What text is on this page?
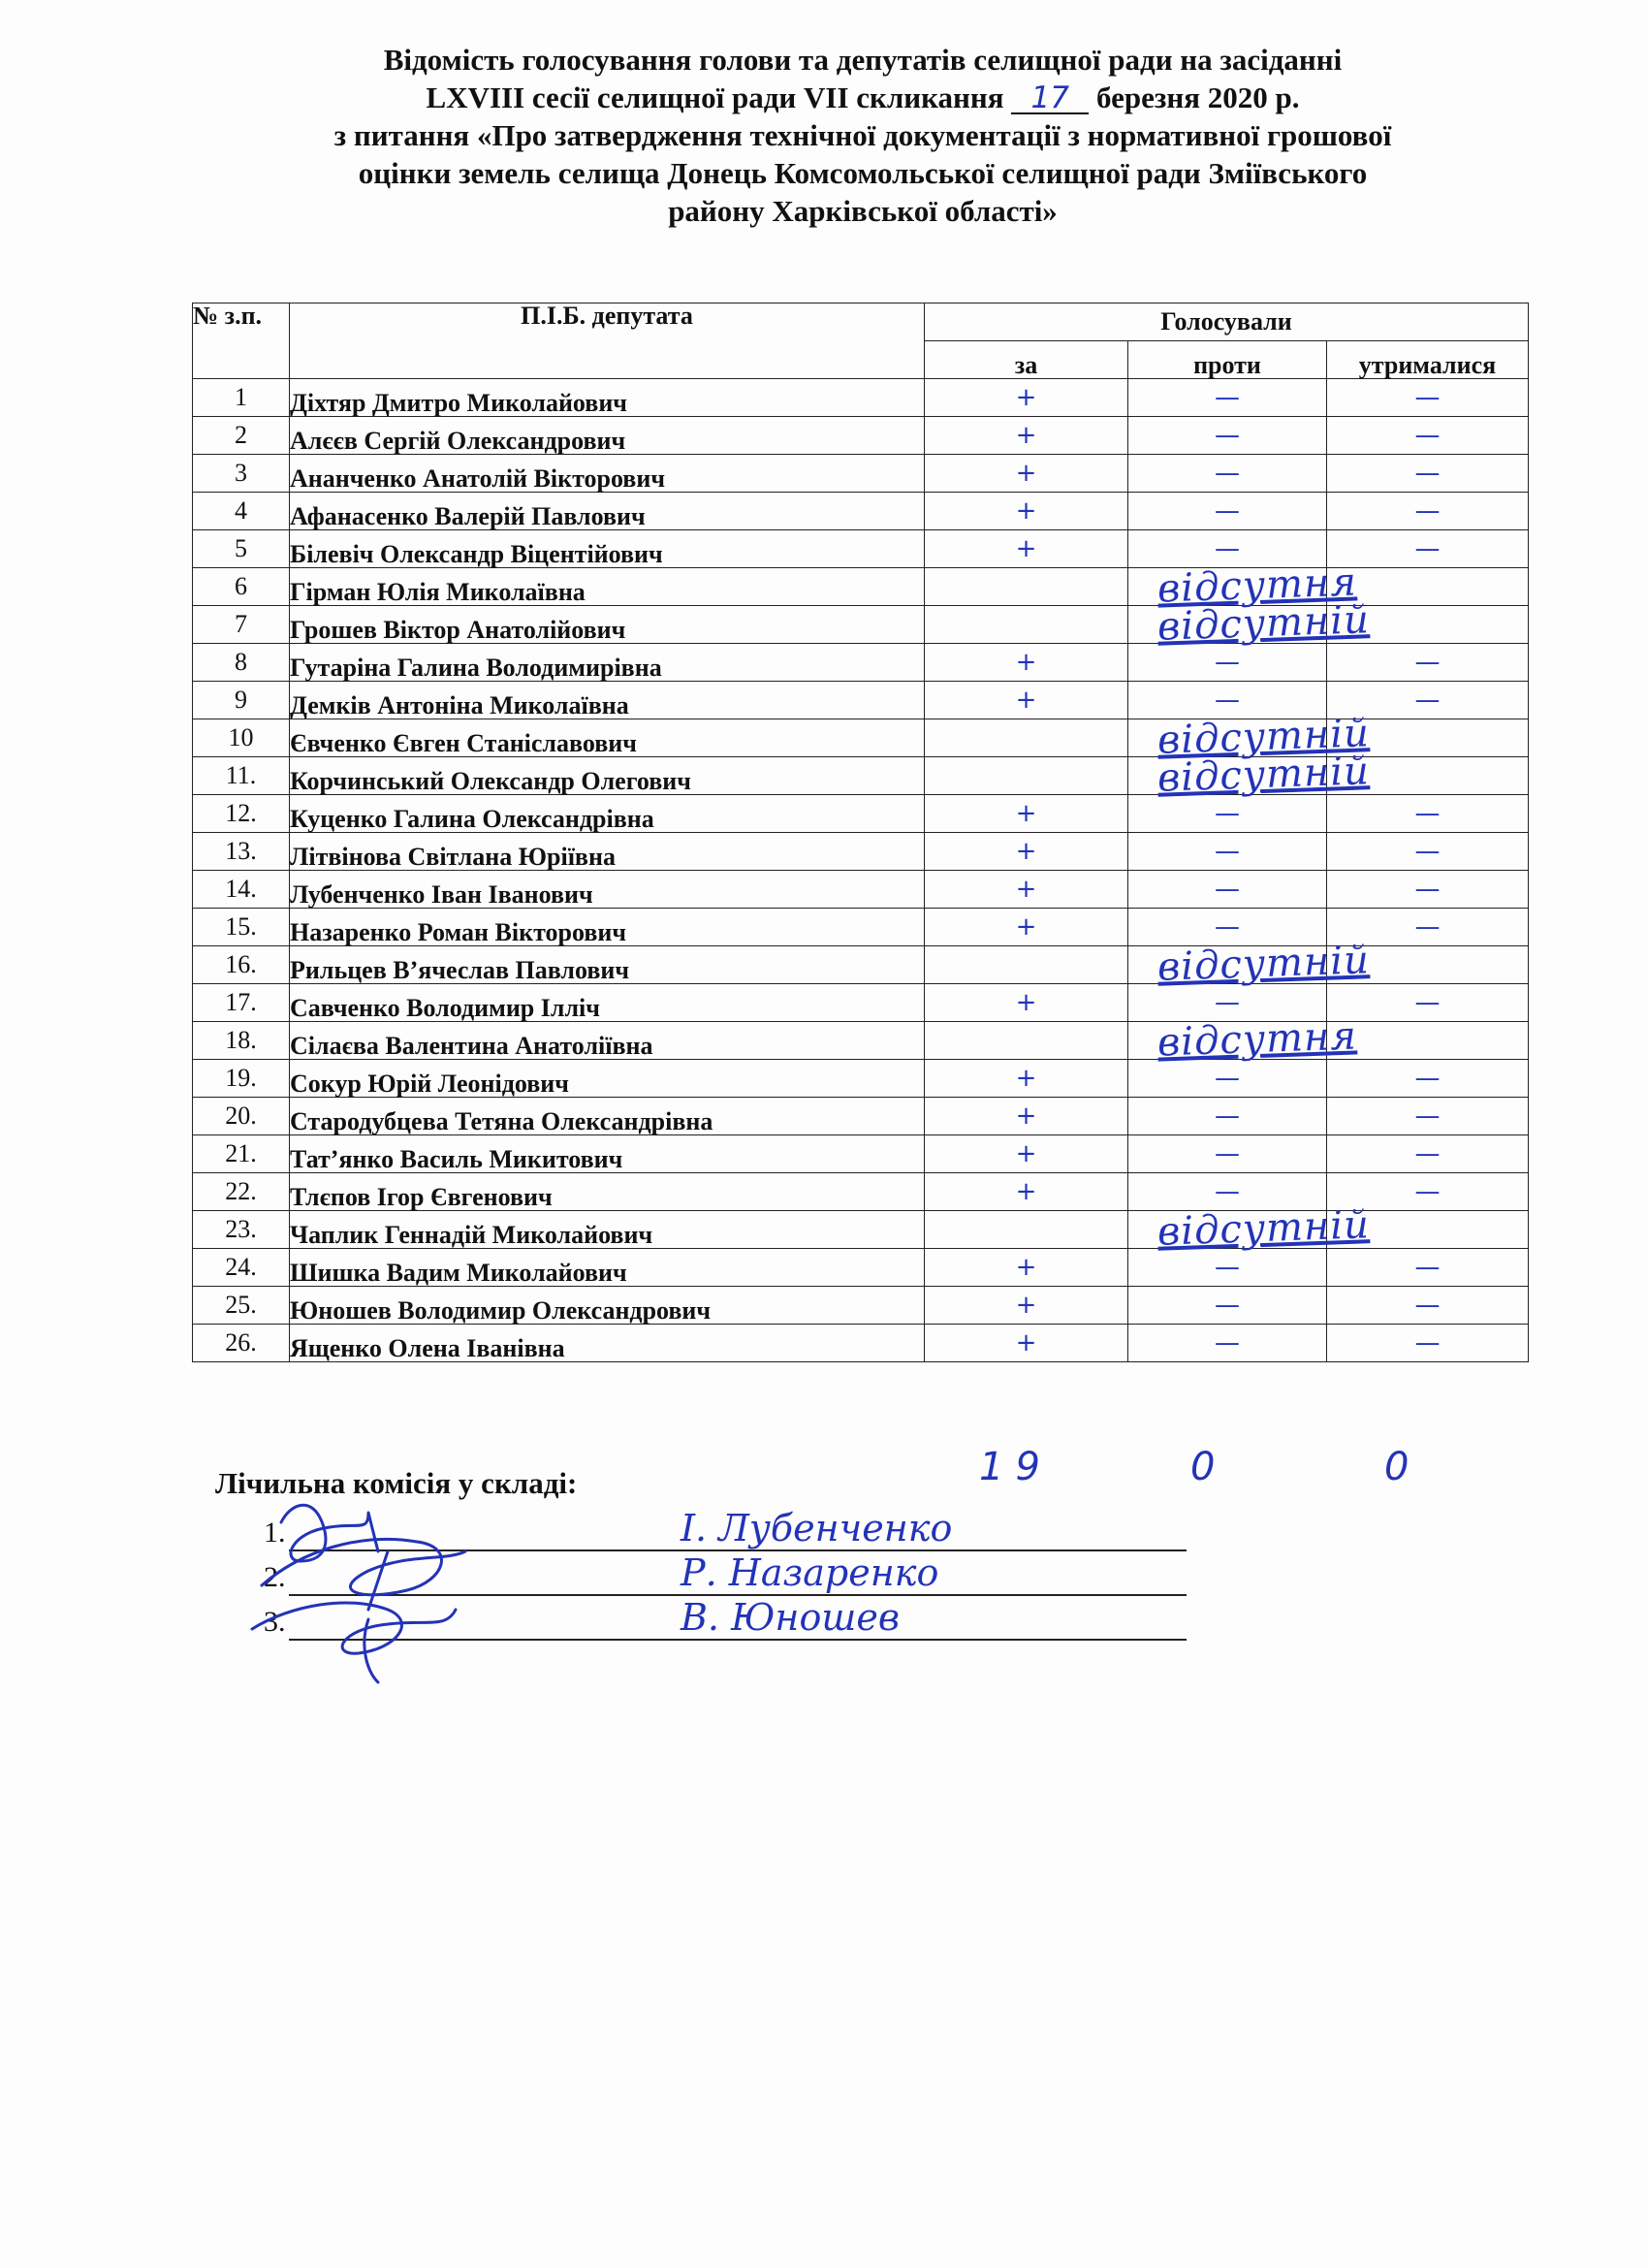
Відомість голосування голови та депутатів селищної ради на засіданні
LXVIII сесії селищної ради VII скликання 17 березня 2020 р.
з питання «Про затвердження технічної документації з нормативної грошової
оцінки земель селища Донець Комсомольської селищної ради Зміївського
району Харківської області»
№ з.п.	П.І.Б. депутата	Голосували		
		за	проти	утрималися
1	Діхтяр Дмитро Миколайович	+	—	—
2	Алєєв Сергій Олександрович	+	—	—
3	Ананченко Анатолій Вікторович	+	—	—
4	Афанасенко Валерій Павлович	+	—	—
5	Білевіч Олександр Віцентійович	+	—	—
6	Гірман Юлія Миколаївна	відсутня		

7	Грошев Віктор Анатолійович	відсутній		

8	Гутаріна Галина Володимирівна	+	—	—
9	Демків Антоніна Миколаївна	+	—	—
10	Євченко Євген Станіславович	відсутній		

11.	Корчинський Олександр Олегович	відсутній		

12.	Куценко Галина Олександрівна	+	—	—
13.	Літвінова Світлана Юріївна	+	—	—
14.	Лубенченко Іван Іванович	+	—	—
15.	Назаренко Роман Вікторович	+	—	—
16.	Рильцев В’ячеслав Павлович	відсутній		

17.	Савченко Володимир Ілліч	+	—	—
18.	Сілаєва Валентина Анатоліївна	відсутня		

19.	Сокур Юрій Леонідович	+	—	—
20.	Стародубцева Тетяна Олександрівна	+	—	—
21.	Тат’янко Василь Микитович	+	—	—
22.	Тлєпов Ігор Євгенович	+	—	—
23.	Чаплик Геннадій Миколайович	відсутній		

24.	Шишка Вадим Миколайович	+	—	—
25.	Юношев Володимир Олександрович	+	—	—
26.	Ященко Олена Іванівна	+	—	—
19	0	0
Лічильна комісія у складі:
1.	І. Лубенченко
2.	Р. Назаренко
3.	В. Юношев
